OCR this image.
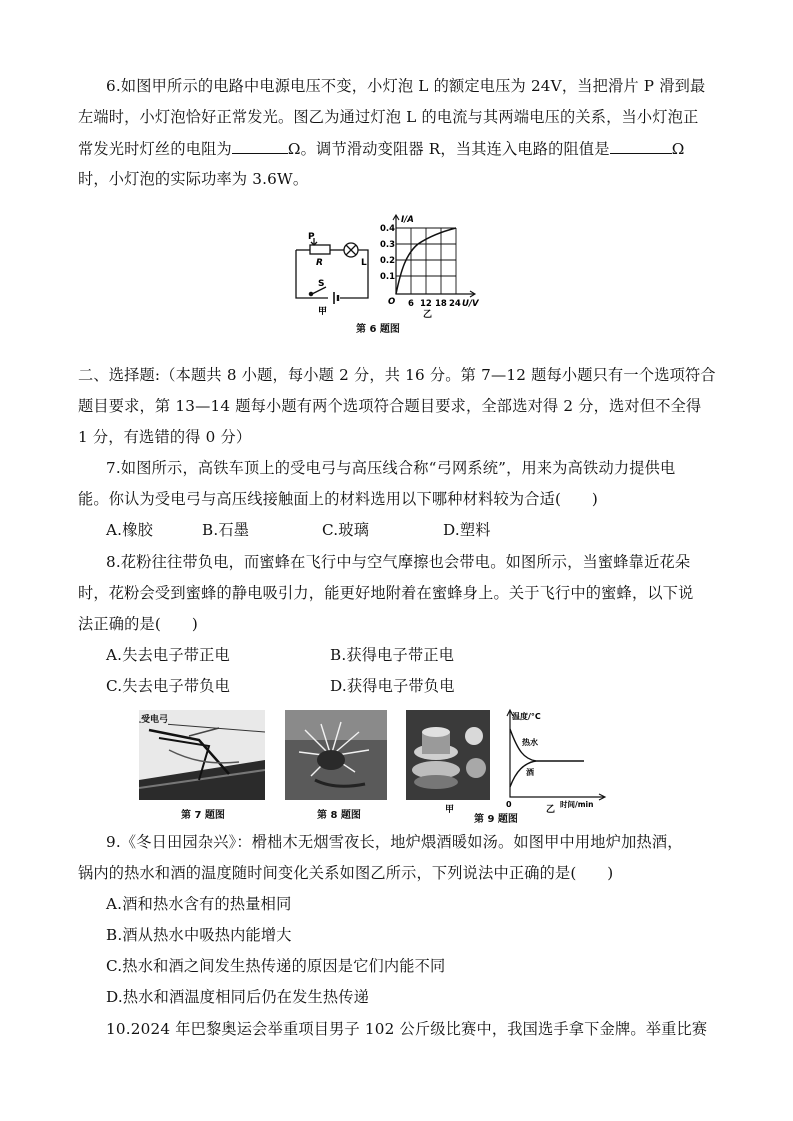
6.如图甲所示的电路中电源电压不变，小灯泡 L 的额定电压为 24V，当把滑片 P 滑到最
左端时，小灯泡恰好正常发光。图乙为通过灯泡 L 的电流与其两端电压的关系，当小灯泡正
常发光时灯丝的电阻为	Ω。调节滑动变阻器 R，当其连入电路的阻值是	Ω
时，小灯泡的实际功率为 3.6W。
P
R	L
S
甲
I/A
0.4
0.3
0.2
0.1
O 6 12 18 24 U/V
乙
第 6 题图
二、选择题:（本题共 8 小题，每小题 2 分，共 16 分。第 7—12 题每小题只有一个选项符合
题目要求，第 13—14 题每小题有两个选项符合题目要求，全部选对得 2 分，选对但不全得
1 分，有选错的得 0 分）
7.如图所示，高铁车顶上的受电弓与高压线合称“弓网系统”，用来为高铁动力提供电
能。你认为受电弓与高压线接触面上的材料选用以下哪种材料较为合适(　　)
A.橡胶	B.石墨	C.玻璃	D.塑料
8.花粉往往带负电，而蜜蜂在飞行中与空气摩擦也会带电。如图所示，当蜜蜂靠近花朵
时，花粉会受到蜜蜂的静电吸引力，能更好地附着在蜜蜂身上。关于飞行中的蜜蜂，以下说
法正确的是(　　)
A.失去电子带正电	B.获得电子带正电
C.失去电子带负电	D.获得电子带负电
受电弓
甲
温度/°C
热水
酒
0	时间/min
乙
第 7 题图	第 8 题图	第 9 题图
9.《冬日田园杂兴》：榾柮木无烟雪夜长，地炉煨酒暖如汤。如图甲中用地炉加热酒，
锅内的热水和酒的温度随时间变化关系如图乙所示，下列说法中正确的是(　　)
A.酒和热水含有的热量相同
B.酒从热水中吸热内能增大
C.热水和酒之间发生热传递的原因是它们内能不同
D.热水和酒温度相同后仍在发生热传递
10.2024 年巴黎奥运会举重项目男子 102 公斤级比赛中，我国选手拿下金牌。举重比赛
